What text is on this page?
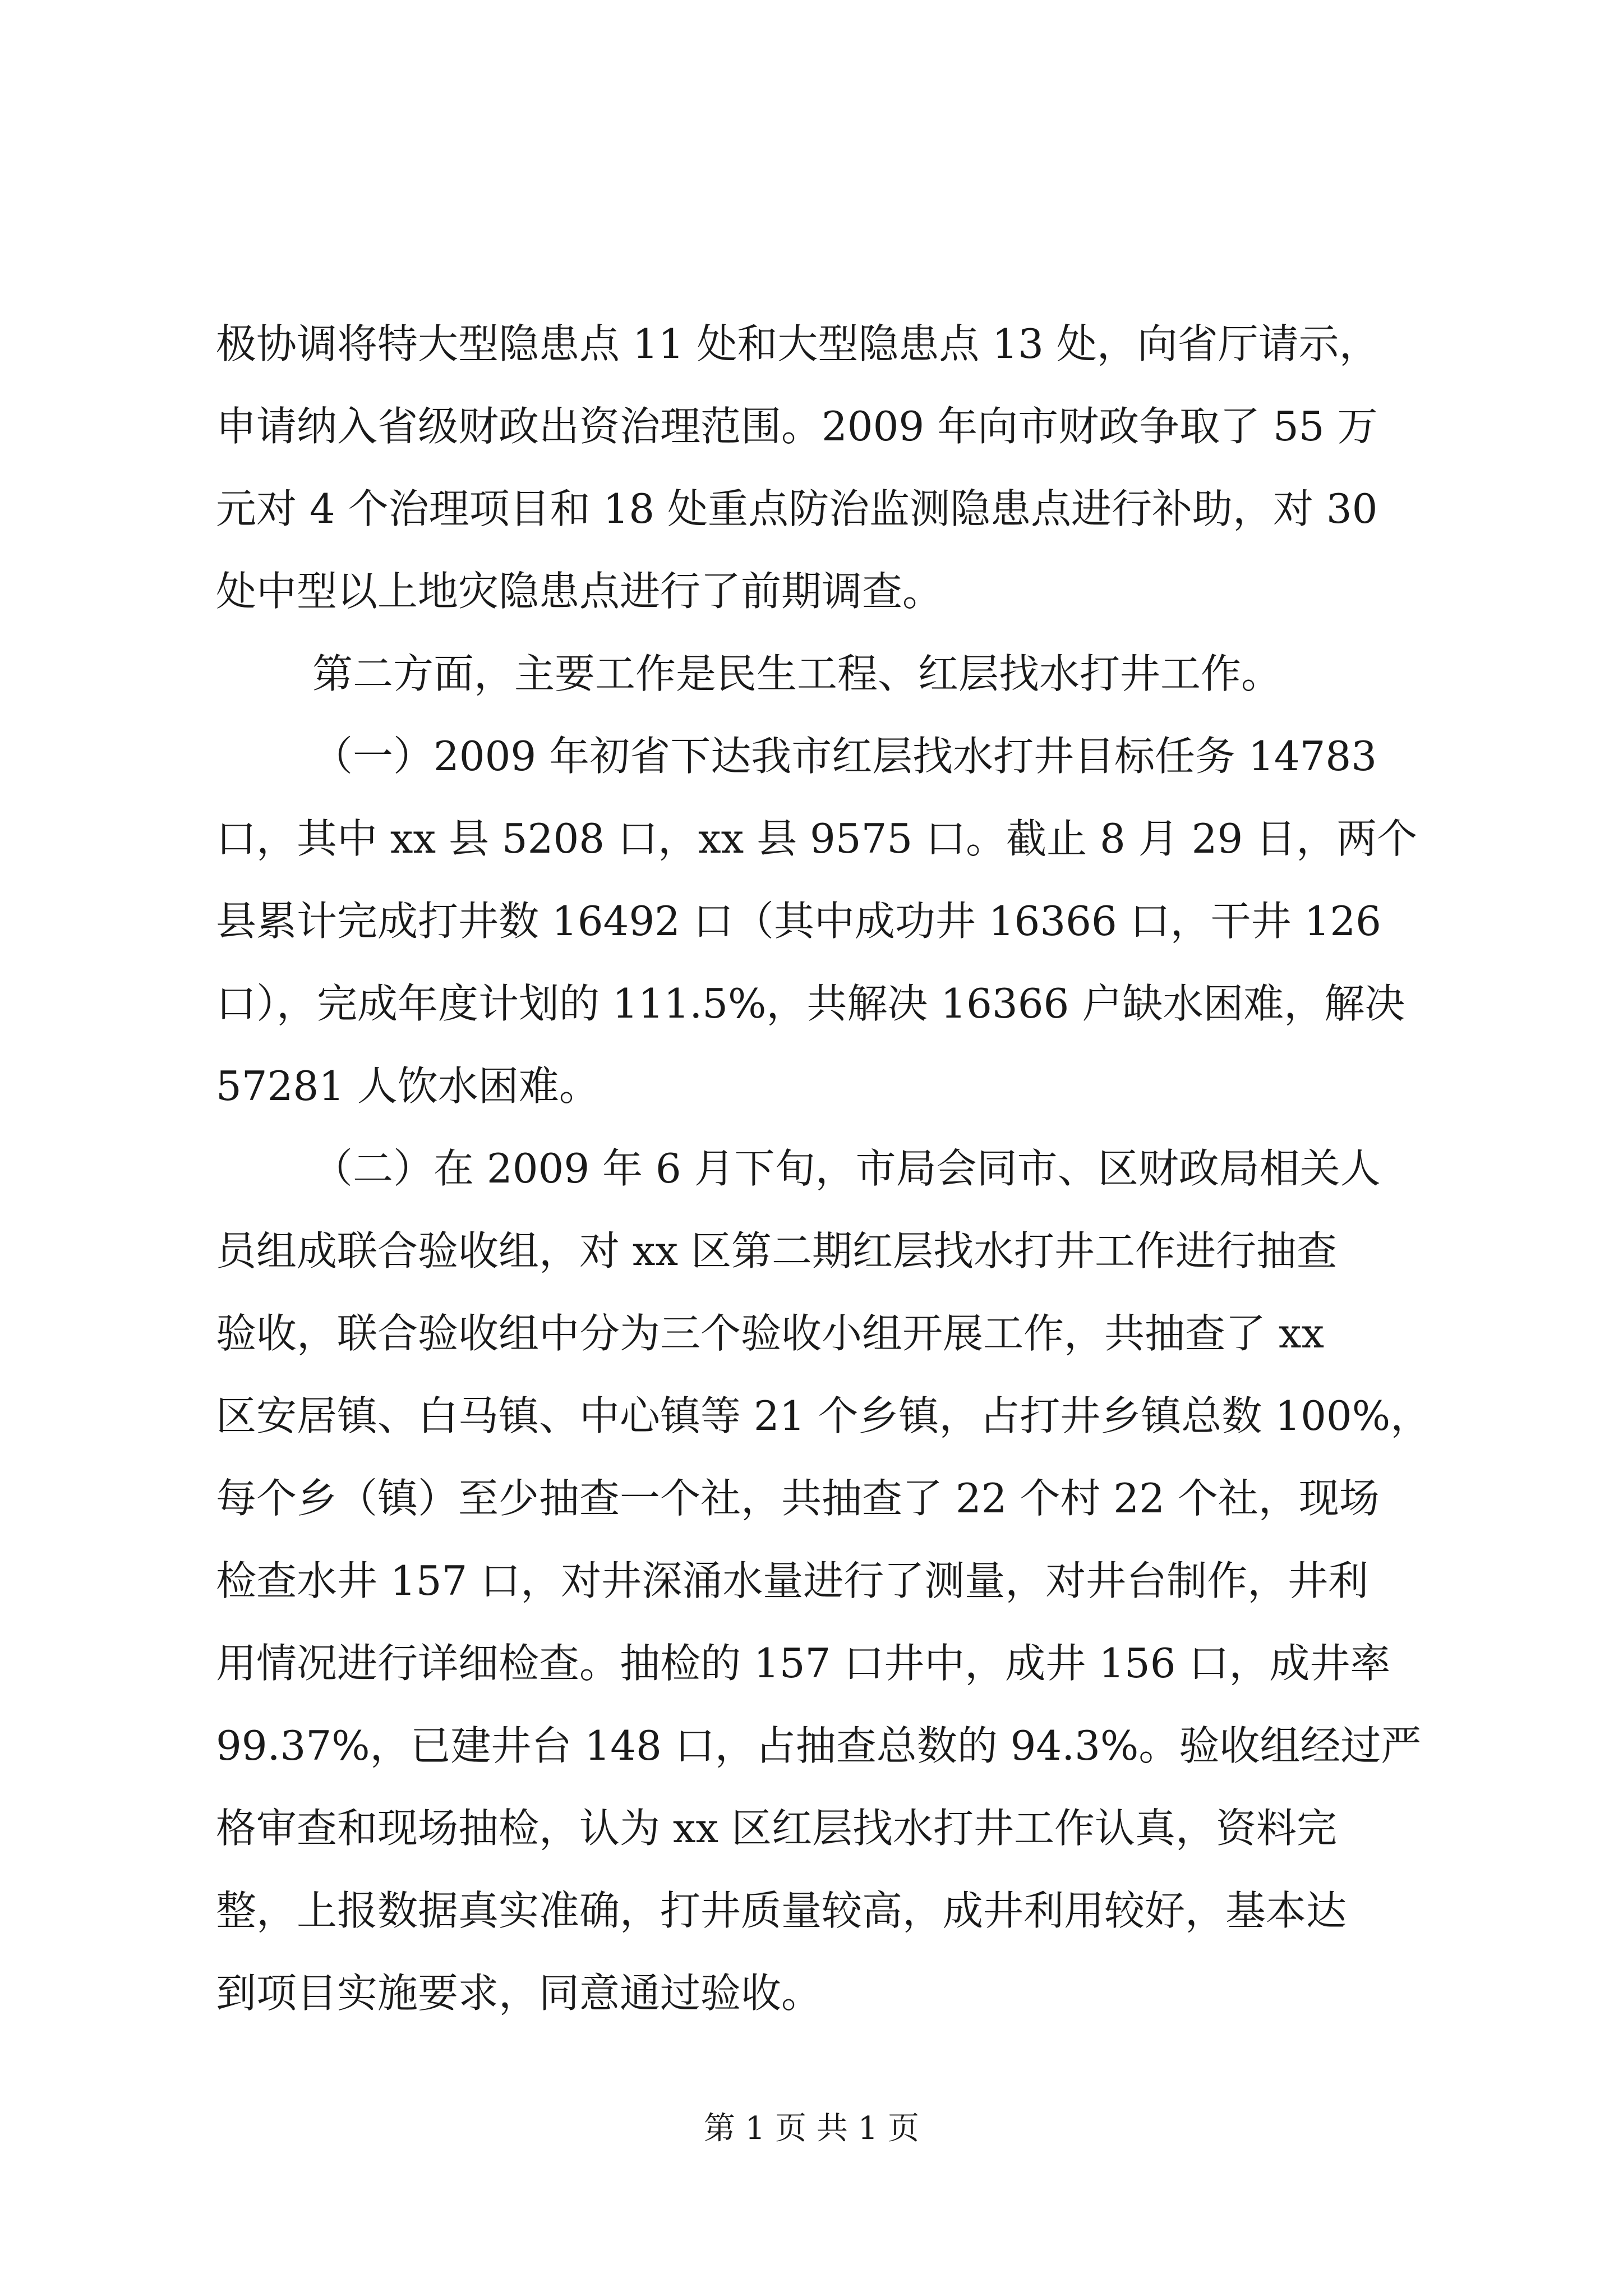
极协调将特大型隐患点 11 处和大型隐患点 13 处，向省厅请示，
申请纳入省级财政出资治理范围。2009 年向市财政争取了 55 万
元对 4 个治理项目和 18 处重点防治监测隐患点进行补助，对 30
处中型以上地灾隐患点进行了前期调查。
第二方面，主要工作是民生工程、红层找水打井工作。
（一）2009 年初省下达我市红层找水打井目标任务 14783
口，其中 xx 县 5208 口，xx 县 9575 口。截止 8 月 29 日，两个
县累计完成打井数 16492 口（其中成功井 16366 口，干井 126
口），完成年度计划的 111.5%，共解决 16366 户缺水困难，解决
57281 人饮水困难。
（二）在 2009 年 6 月下旬，市局会同市、区财政局相关人
员组成联合验收组，对 xx 区第二期红层找水打井工作进行抽查
验收，联合验收组中分为三个验收小组开展工作，共抽查了 xx
区安居镇、白马镇、中心镇等 21 个乡镇，占打井乡镇总数 100%，
每个乡（镇）至少抽查一个社，共抽查了 22 个村 22 个社，现场
检查水井 157 口，对井深涌水量进行了测量，对井台制作，井利
用情况进行详细检查。抽检的 157 口井中，成井 156 口，成井率
99.37%，已建井台 148 口，占抽查总数的 94.3%。验收组经过严
格审查和现场抽检，认为 xx 区红层找水打井工作认真，资料完
整，上报数据真实准确，打井质量较高，成井利用较好，基本达
到项目实施要求，同意通过验收。
第 1 页 共 1 页
